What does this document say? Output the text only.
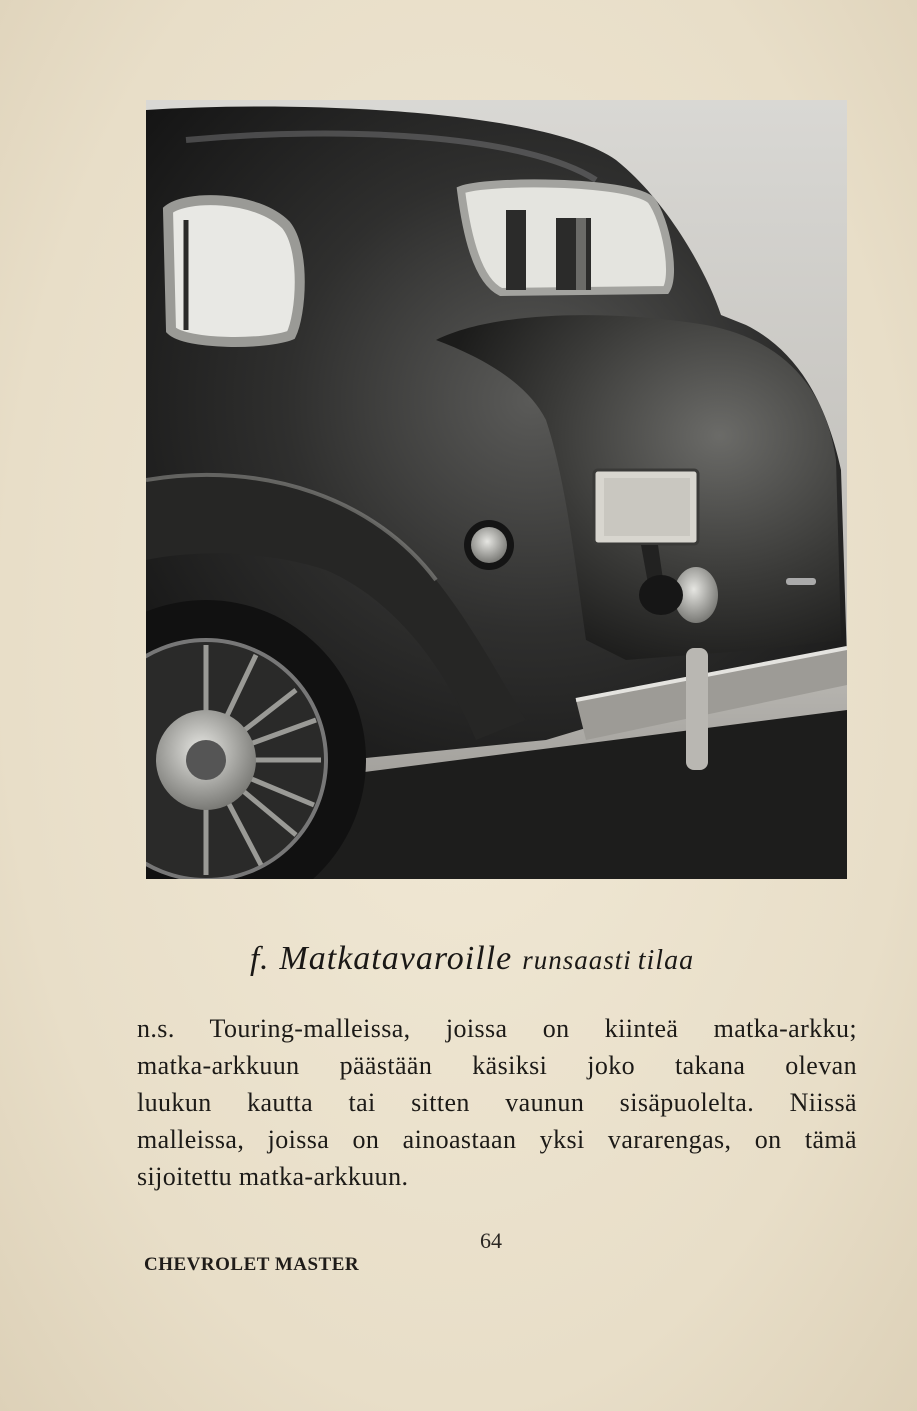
f. Matkatavaroille runsaasti tilaa
n.s. Touring-malleissa, joissa on kiinteä matka-arkku;
matka-arkkuun päästään käsiksi joko takana olevan
luukun kautta tai sitten vaunun sisäpuolelta. Niissä
malleissa, joissa on ainoastaan yksi vararengas, on tämä
sijoitettu matka-arkkuun.
64
CHEVROLET MASTER
